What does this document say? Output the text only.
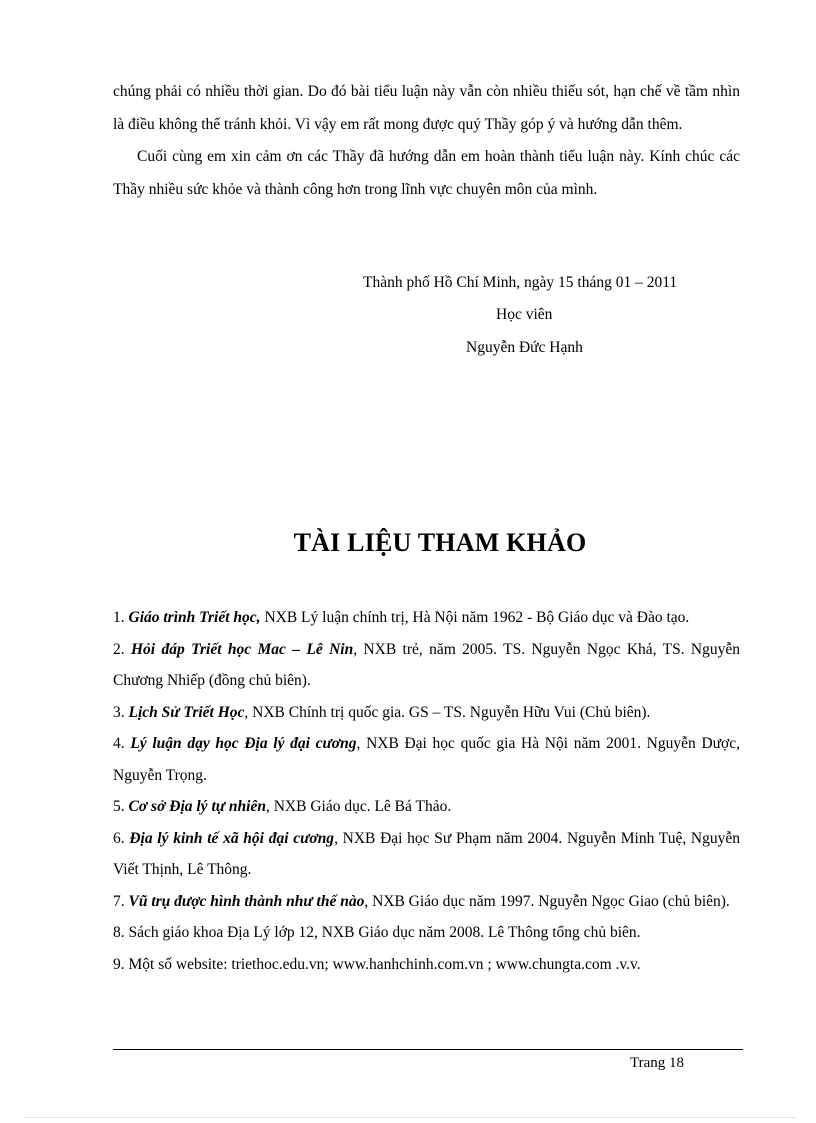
chúng phải có nhiều thời gian. Do đó bài tiểu luận này vẫn còn nhiều thiếu sót, hạn chế về tầm nhìn là điều không thể tránh khỏi. Vì vậy em rất mong được quý Thầy góp ý và hướng dẫn thêm.

Cuối cùng em xin cảm ơn các Thầy đã hướng dẫn em hoàn thành tiểu luận này. Kính chúc các Thầy nhiều sức khỏe và thành công hơn trong lĩnh vực chuyên môn của mình.

Thành phố Hồ Chí Minh, ngày 15 tháng 01 – 2011
Học viên
Nguyễn Đức Hạnh
TÀI LIỆU THAM KHẢO

1. Giáo trình Triết học, NXB Lý luận chính trị, Hà Nội năm 1962 - Bộ Giáo dục và Đào tạo.

2. Hỏi đáp Triết học Mac – Lê Nin, NXB trẻ, năm 2005. TS. Nguyễn Ngọc Khá, TS. Nguyễn Chương Nhiếp (đồng chủ biên).

3. Lịch Sử Triết Học, NXB Chính trị quốc gia. GS – TS. Nguyễn Hữu Vui (Chủ biên).

4. Lý luận dạy học Địa lý đại cương, NXB Đại học quốc gia Hà Nội năm 2001. Nguyễn Dược, Nguyễn Trọng.

5. Cơ sở Địa lý tự nhiên, NXB Giáo dục. Lê Bá Thảo.

6. Địa lý kinh tế xã hội đại cương, NXB Đại học Sư Phạm năm 2004. Nguyễn Minh Tuệ, Nguyễn Viết Thịnh, Lê Thông.

7. Vũ trụ được hình thành như thế nào, NXB Giáo dục năm 1997. Nguyễn Ngọc Giao (chủ biên).

8. Sách giáo khoa Địa Lý lớp 12, NXB Giáo dục năm 2008. Lê Thông tổng chủ biên.

9. Một số website: triethoc.edu.vn; www.hanhchinh.com.vn ; www.chungta.com .v.v.

Trang 18
